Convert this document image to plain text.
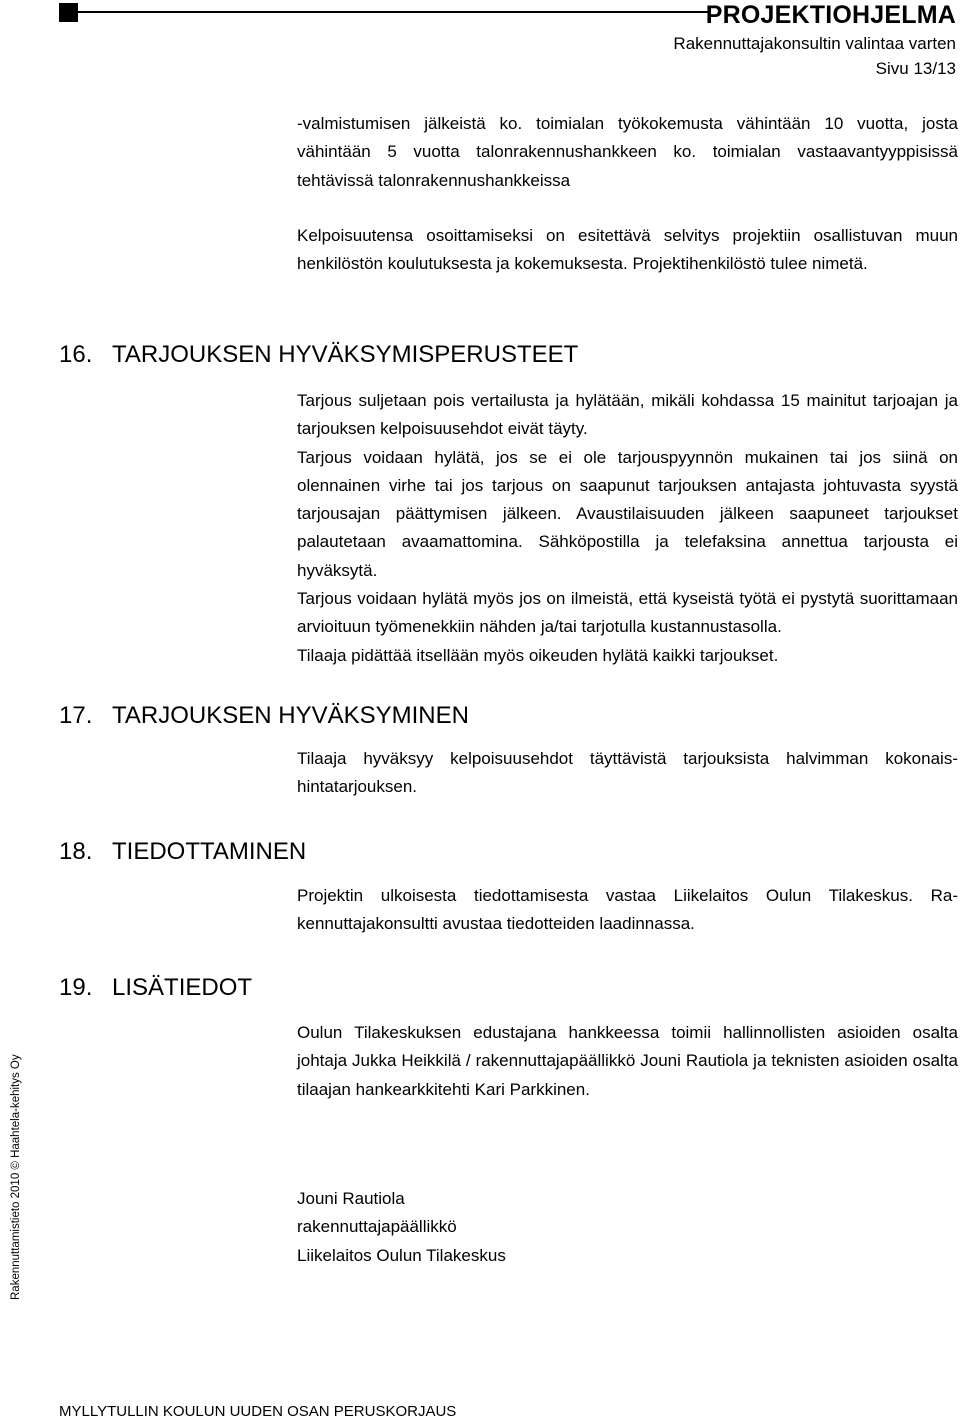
PROJEKTIOHJELMA
Rakennuttajakonsultin valintaa varten
Sivu 13/13

-valmistumisen jälkeistä ko. toimialan työkokemusta vähintään 10 vuotta, josta

vähintään 5 vuotta talonrakennushankkeen ko. toimialan vastaavantyyppisissä

tehtävissä talonrakennushankkeissa

Kelpoisuutensa osoittamiseksi on esitettävä selvitys projektiin osallistuvan muun henkilöstön koulutuksesta ja kokemuksesta. Projektihenkilöstö tulee nimetä.

16. TARJOUKSEN HYVÄKSYMISPERUSTEET

Tarjous suljetaan pois vertailusta ja hylätään, mikäli kohdassa 15 mainitut tarjoajan ja tarjouksen kelpoisuusehdot eivät täyty.

Tarjous voidaan hylätä, jos se ei ole tarjouspyynnön mukainen tai jos siinä on olennainen virhe tai jos tarjous on saapunut tarjouksen antajasta johtuvasta syystä tarjousajan päättymisen jälkeen. Avaustilaisuuden jälkeen saapuneet tarjoukset palautetaan avaamattomina. Sähköpostilla ja telefaksina annettua tarjousta ei hyväksytä.

Tarjous voidaan hylätä myös jos on ilmeistä, että kyseistä työtä ei pystytä suorittamaan arvioituun työmenekkiin nähden ja/tai tarjotulla kustannustasolla.

Tilaaja pidättää itsellään myös oikeuden hylätä kaikki tarjoukset.

17. TARJOUKSEN HYVÄKSYMINEN

Tilaaja hyväksyy kelpoisuusehdot täyttävistä tarjouksista halvimman kokonaishintatarjouksen.

18. TIEDOTTAMINEN

Projektin ulkoisesta tiedottamisesta vastaa Liikelaitos Oulun Tilakeskus. Rakennuttajakonsultti avustaa tiedotteiden laadinnassa.

19. LISÄTIEDOT

Oulun Tilakeskuksen edustajana hankkeessa toimii hallinnollisten asioiden osalta johtaja Jukka Heikkilä / rakennuttajapäällikkö Jouni Rautiola ja teknisten asioiden osalta tilaajan hankearkkitehti Kari Parkkinen.

Jouni Rautiola
rakennuttajapäällikkö
Liikelaitos Oulun Tilakeskus
Rakennuttamistieto 2010 © Haahtela-kehitys Oy
MYLLYTULLIN KOULUN UUDEN OSAN PERUSKORJAUS
